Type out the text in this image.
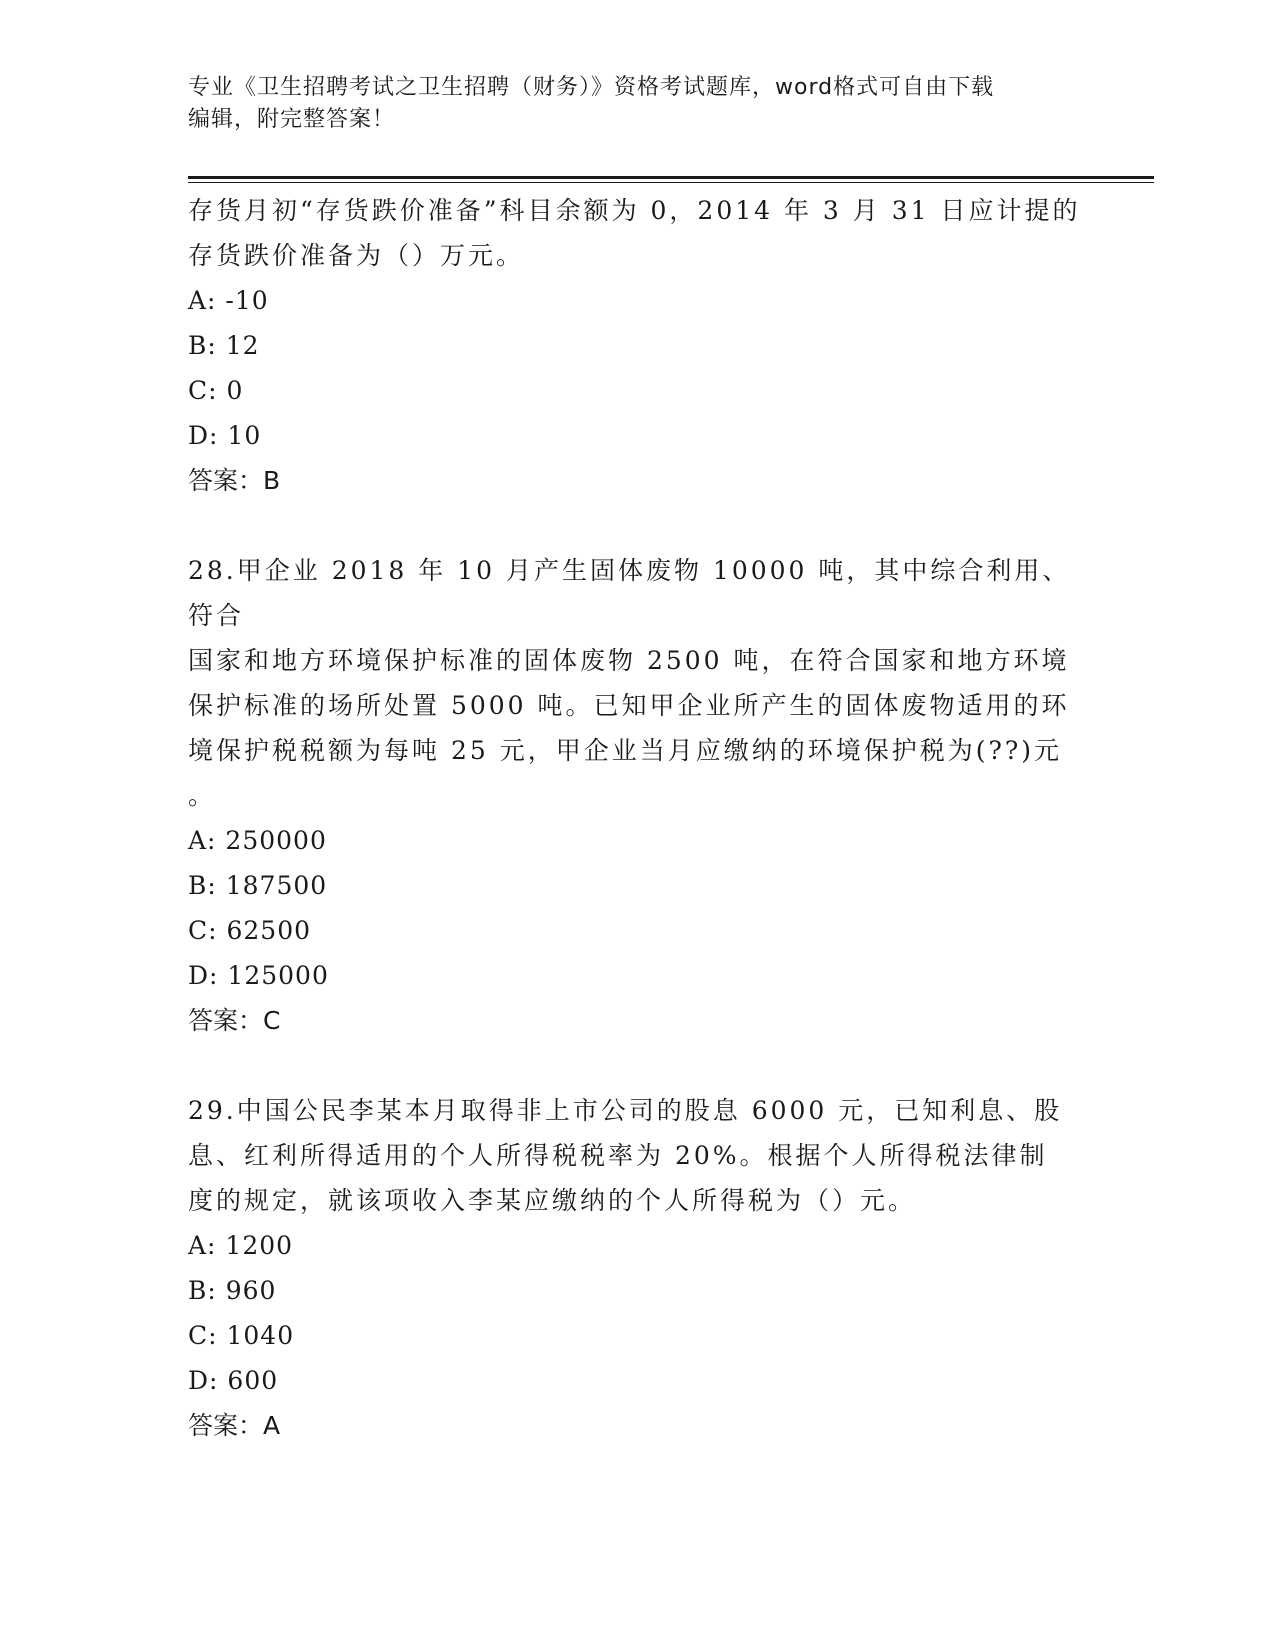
专业《卫生招聘考试之卫生招聘（财务）》资格考试题库，word格式可自由下载
编辑，附完整答案！

存货月初“存货跌价准备”科目余额为 0，2014 年 3 月 31 日应计提的

存货跌价准备为（）万元。

A: -10

B: 12

C: 0

D: 10

答案：B

28.甲企业 2018 年 10 月产生固体废物 10000 吨，其中综合利用、符合

国家和地方环境保护标准的固体废物 2500 吨，在符合国家和地方环境

保护标准的场所处置 5000 吨。已知甲企业所产生的固体废物适用的环

境保护税税额为每吨 25 元，甲企业当月应缴纳的环境保护税为(??)元

。

A: 250000

B: 187500

C: 62500

D: 125000

答案：C

29.中国公民李某本月取得非上市公司的股息 6000 元，已知利息、股

息、红利所得适用的个人所得税税率为 20%。根据个人所得税法律制

度的规定，就该项收入李某应缴纳的个人所得税为（）元。

A: 1200

B: 960

C: 1040

D: 600

答案：A
